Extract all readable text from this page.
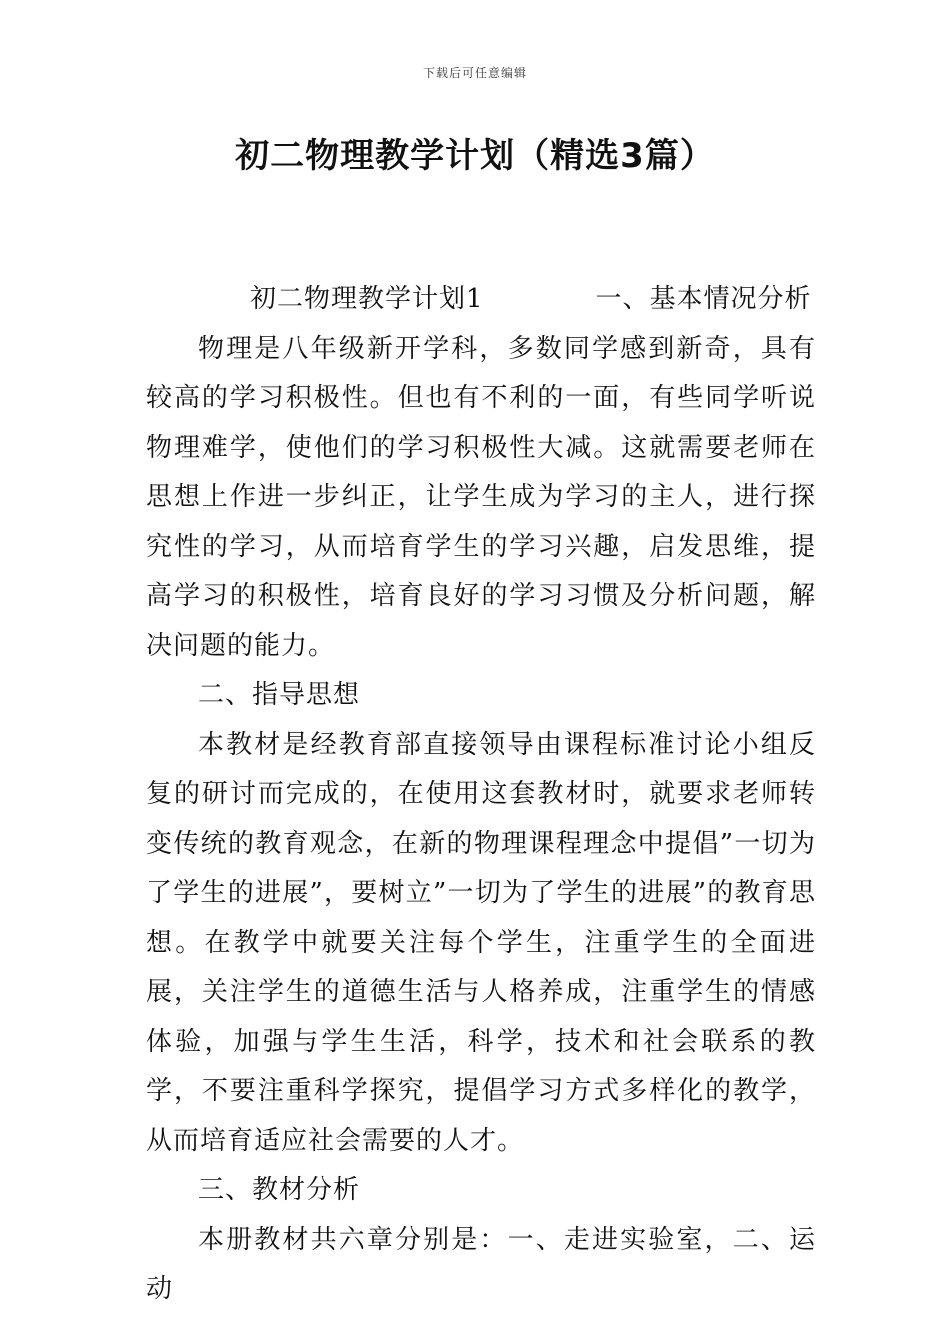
下载后可任意编辑
初二物理教学计划（精选3篇）

初二物理教学计划1	一、基本情况分析

物理是八年级新开学科，多数同学感到新奇，具有较高的学习积极性。但也有不利的一面，有些同学听说物理难学，使他们的学习积极性大减。这就需要老师在思想上作进一步纠正，让学生成为学习的主人，进行探究性的学习，从而培育学生的学习兴趣，启发思维，提高学习的积极性，培育良好的学习习惯及分析问题，解决问题的能力。

二、指导思想

本教材是经教育部直接领导由课程标准讨论小组反复的研讨而完成的，在使用这套教材时，就要求老师转变传统的教育观念，在新的物理课程理念中提倡”一切为了学生的进展”，要树立”一切为了学生的进展”的教育思想。在教学中就要关注每个学生，注重学生的全面进展，关注学生的道德生活与人格养成，注重学生的情感体验，加强与学生生活，科学，技术和社会联系的教学，不要注重科学探究，提倡学习方式多样化的教学，从而培育适应社会需要的人才。

三、教材分析

本册教材共六章分别是：一、走进实验室，二、运动
